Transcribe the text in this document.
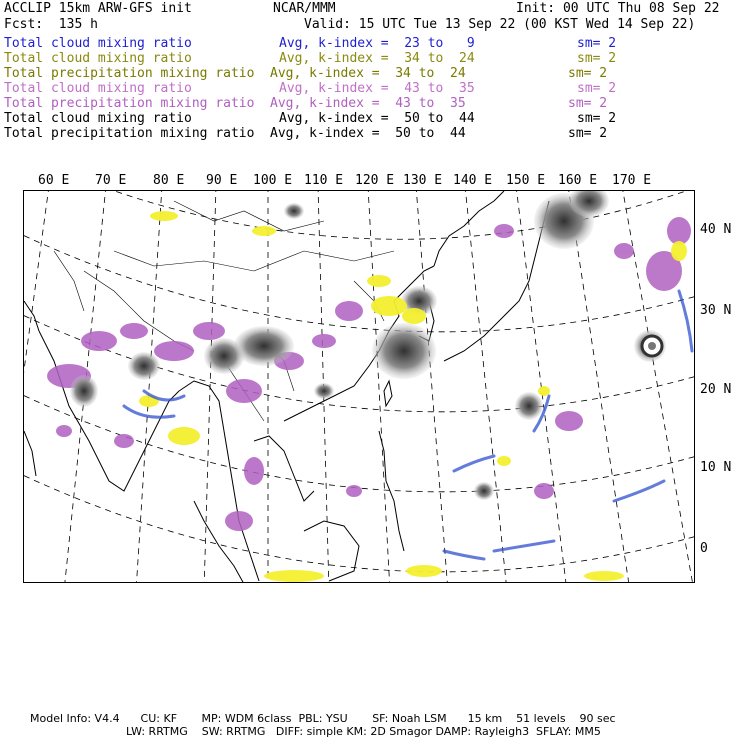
ACCLIP 15km ARW-GFS init	NCAR/MMM	Init: 00 UTC Thu 08 Sep 22
Fcst:  135 h	Valid: 15 UTC Tue 13 Sep 22 (00 KST Wed 14 Sep 22)
Total cloud mixing ratio	Avg, k-index =  23 to   9	sm= 2
Total cloud mixing ratio	Avg, k-index =  34 to  24	sm= 2
Total precipitation mixing ratio Avg, k-index =  34 to  24	sm= 2
Total cloud mixing ratio	Avg, k-index =  43 to  35	sm= 2
Total precipitation mixing ratio Avg, k-index =  43 to  35	sm= 2
Total cloud mixing ratio	Avg, k-index =  50 to  44	sm= 2
Total precipitation mixing ratio Avg, k-index =  50 to  44	sm= 2
60 E 70 E 80 E 90 E 100 E 110 E 120 E 130 E 140 E 150 E 160 E 170 E
40 N
30 N
20 N
10 N
0
Model Info: V4.4      CU: KF       MP: WDM 6class  PBL: YSU       SF: Noah LSM      15 km    51 levels    90 sec
LW: RRTMG    SW: RRTMG   DIFF: simple KM: 2D Smagor DAMP: Rayleigh3  SFLAY: MM5
